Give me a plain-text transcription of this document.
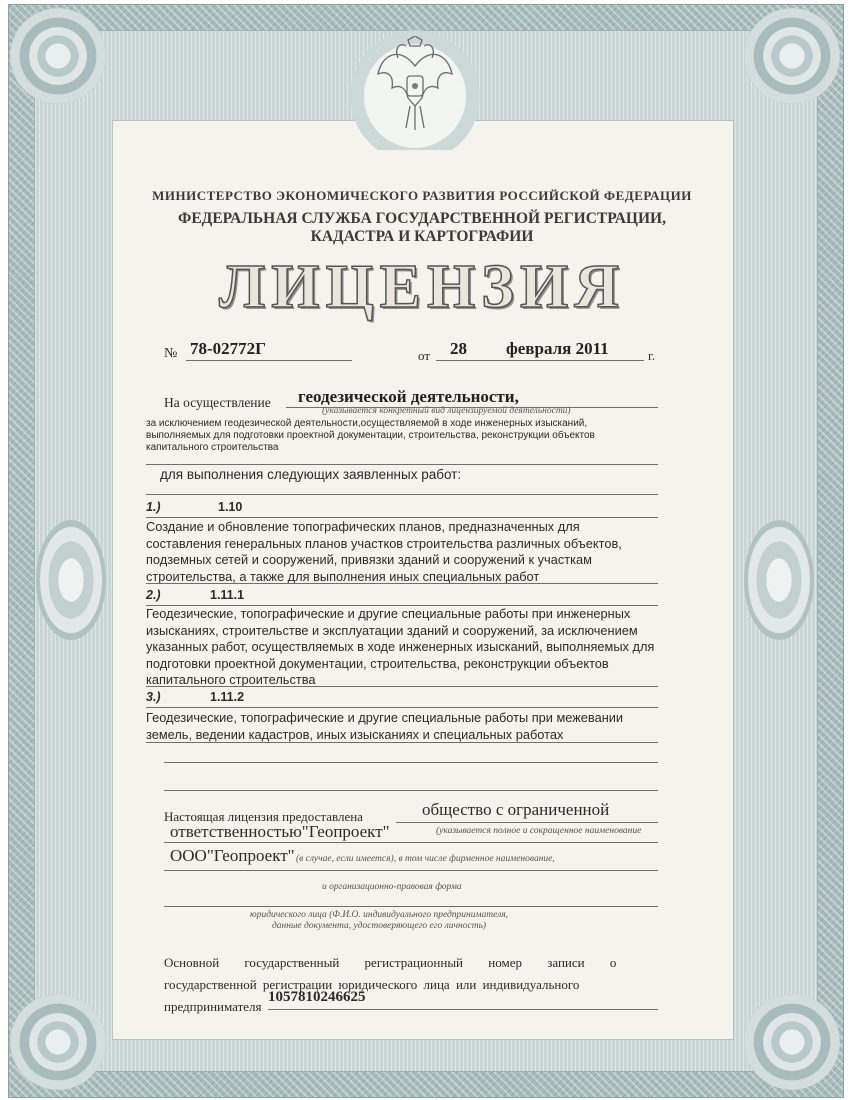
МИНИСТЕРСТВО ЭКОНОМИЧЕСКОГО РАЗВИТИЯ РОССИЙСКОЙ ФЕДЕРАЦИИ
ФЕДЕРАЛЬНАЯ СЛУЖБА ГОСУДАРСТВЕННОЙ РЕГИСТРАЦИИ,
КАДАСТРА И КАРТОГРАФИИ
ЛИЦЕНЗИЯ
№ 78-02772Г	от 28 февраля 2011	г.
На осуществление геодезической деятельности,
(указывается конкретный вид лицензируемой деятельности)
за исключением геодезической деятельности,осуществляемой в ходе инженерных изысканий,
выполняемых для подготовки проектной документации, строительства, реконструкции объектов
капитального строительства
для выполнения следующих заявленных работ:
1.)	1.10
Создание и обновление топографических планов, предназначенных для
составления генеральных планов участков строительства различных объектов,
подземных сетей и сооружений, привязки зданий и сооружений к участкам
строительства, а также для выполнения иных специальных работ
2.)	1.11.1
Геодезические, топографические и другие специальные работы при инженерных
изысканиях, строительстве и эксплуатации зданий и сооружений, за исключением
указанных работ, осуществляемых в ходе инженерных изысканий, выполняемых для
подготовки проектной документации, строительства, реконструкции объектов
капитального строительства
3.)	1.11.2
Геодезические, топографические и другие специальные работы при межевании
земель, ведении кадастров, иных изысканиях и специальных работах
Настоящая лицензия предоставлена	общество с ограниченной
ответственностью"Геопроект"	(указывается полное и сокращенное наименование
ООО"Геопроект" (в случае, если имеется), в том числе фирменное наименование,
и организационно-правовая форма
юридического лица (Ф.И.О. индивидуального предпринимателя,
данные документа, удостоверяющего его личность)
Основной государственный регистрационный номер записи о
государственной регистрации юридического лица или индивидуального
предпринимателя
1057810246625
